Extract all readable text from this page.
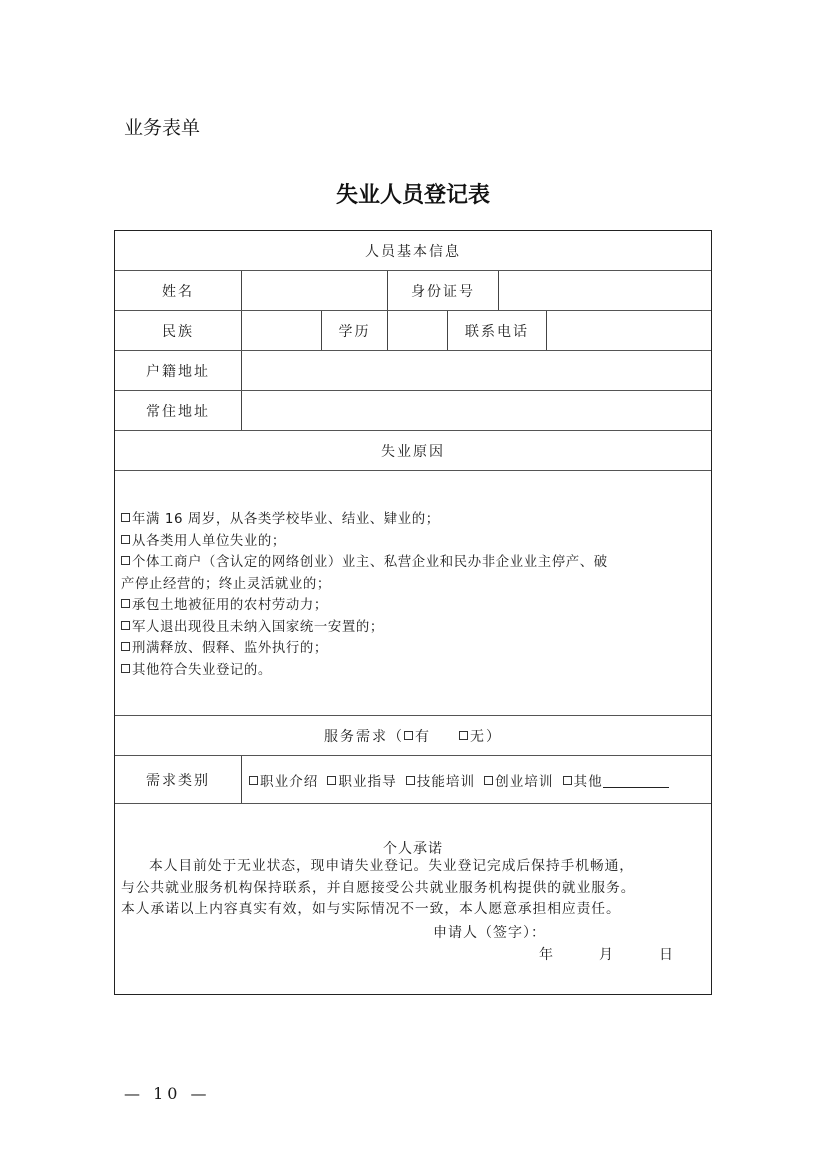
业务表单
失业人员登记表
人员基本信息
姓名	身份证号
民族	学历	联系电话
户籍地址
常住地址
失业原因
年满 16 周岁，从各类学校毕业、结业、肄业的；
从各类用人单位失业的；
个体工商户（含认定的网络创业）业主、私营企业和民办非企业业主停产、破
产停止经营的；终止灵活就业的；
承包土地被征用的农村劳动力；
军人退出现役且未纳入国家统一安置的；
刑满释放、假释、监外执行的；
其他符合失业登记的。
服务需求（ 有	无 ）
需求类别	职业介绍	职业指导	技能培训	创业培训	其他
个人承诺
本人目前处于无业状态，现申请失业登记。失业登记完成后保持手机畅通，
与公共就业服务机构保持联系，并自愿接受公共就业服务机构提供的就业服务。
本人承诺以上内容真实有效，如与实际情况不一致，本人愿意承担相应责任。
申请人（签字）：
年	月	日
— 10 —
